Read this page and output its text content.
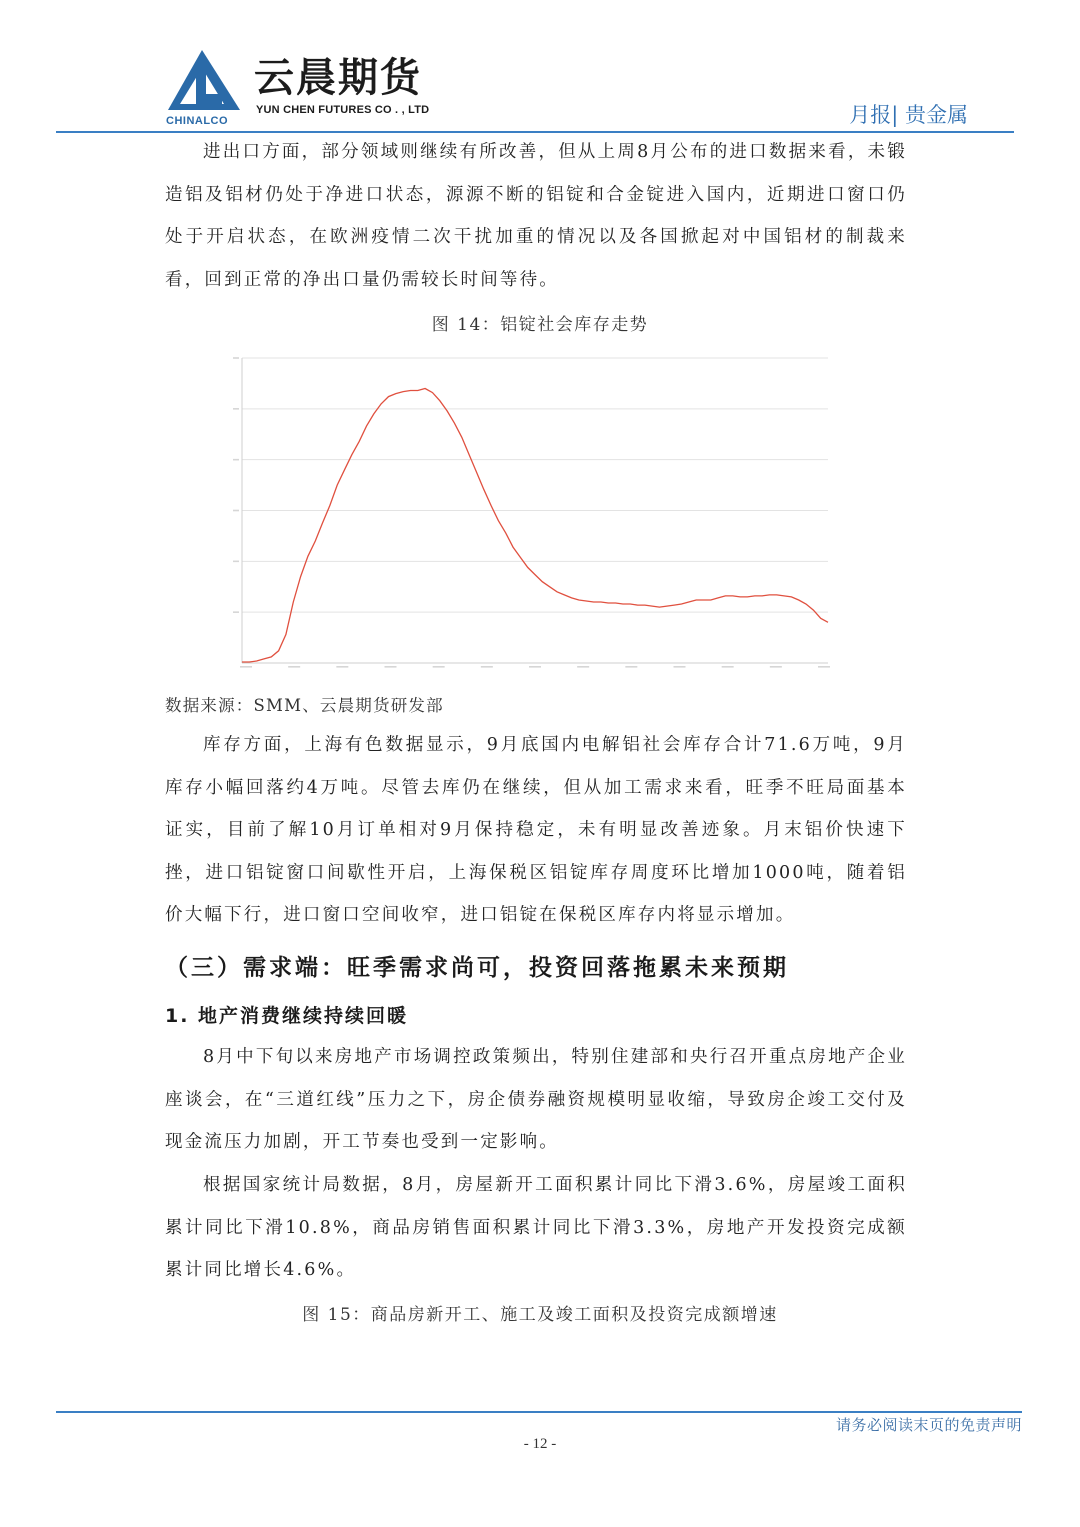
云晨期货
YUN CHEN FUTURES CO . , LTD
CHINALCO	月报| 贵金属

进出口方面，部分领域则继续有所改善，但从上周8月公布的进口数据来看，未锻造铝及铝材仍处于净进口状态，源源不断的铝锭和合金锭进入国内，近期进口窗口仍处于开启状态，在欧洲疫情二次干扰加重的情况以及各国掀起对中国铝材的制裁来看，回到正常的净出口量仍需较长时间等待。

图 14：铝锭社会库存走势
数据来源：SMM、云晨期货研发部

库存方面，上海有色数据显示，9月底国内电解铝社会库存合计71.6万吨，9月库存小幅回落约4万吨。尽管去库仍在继续，但从加工需求来看，旺季不旺局面基本证实，目前了解10月订单相对9月保持稳定，未有明显改善迹象。月末铝价快速下挫，进口铝锭窗口间歇性开启，上海保税区铝锭库存周度环比增加1000吨，随着铝价大幅下行，进口窗口空间收窄，进口铝锭在保税区库存内将显示增加。

（三）需求端：旺季需求尚可，投资回落拖累未来预期
1. 地产消费继续持续回暖

8月中下旬以来房地产市场调控政策频出，特别住建部和央行召开重点房地产企业座谈会，在“三道红线”压力之下，房企债券融资规模明显收缩，导致房企竣工交付及现金流压力加剧，开工节奏也受到一定影响。

根据国家统计局数据，8月，房屋新开工面积累计同比下滑3.6%，房屋竣工面积累计同比下滑10.8%，商品房销售面积累计同比下滑3.3%，房地产开发投资完成额累计同比增长4.6%。

图 15：商品房新开工、施工及竣工面积及投资完成额增速
请务必阅读末页的免责声明
- 12 -
